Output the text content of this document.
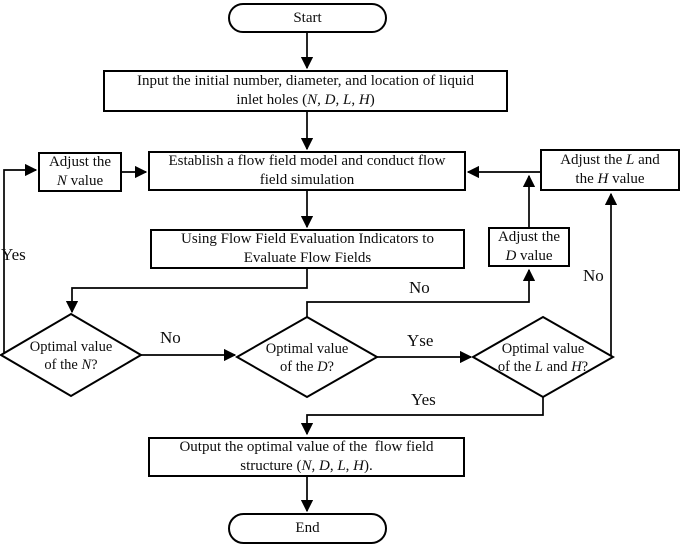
Start
Input the initial number, diameter, and location of liquid
inlet holes (N, D, L, H)
Adjust the
N value
Establish a flow field model and conduct flow
field simulation
Adjust the L and
the H value
Using Flow Field Evaluation Indicators to
Evaluate Flow Fields
Adjust the
D value
Optimal value
of the N?
Optimal value
of the D?
Optimal value
of the L and H?
Output the optimal value of the  flow field
structure (N, D, L, H).
End
Yes
No
No
Yse
No
Yes
